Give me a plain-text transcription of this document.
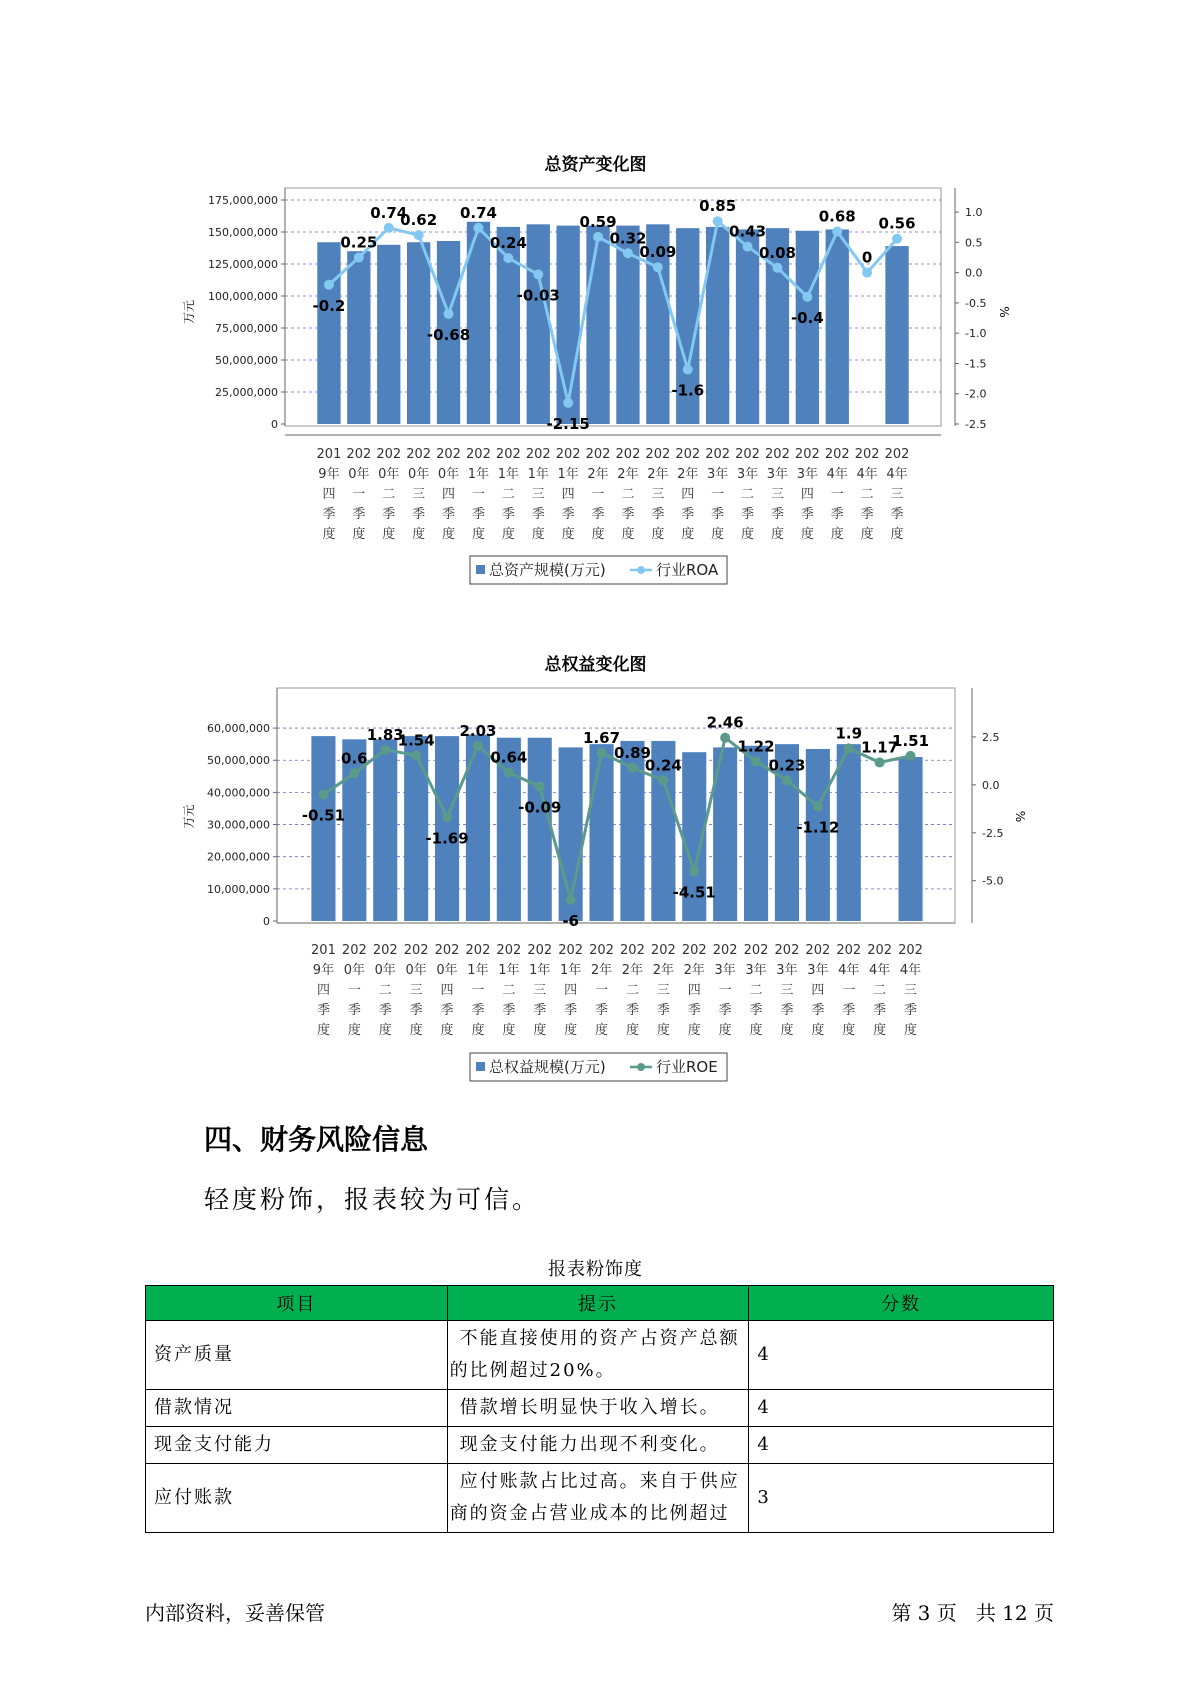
总资产变化图
0
25,000,000
50,000,000
75,000,000
100,000,000
125,000,000
150,000,000
175,000,000
-2.5
-2.0
-1.5
-1.0
-0.5
0.0
0.5
1.0
万元	%
201
9年
四
季
度
202
0年
一
季
度
202
0年
二
季
度
202
0年
三
季
度
202
0年
四
季
度
202
1年
一
季
度
202
1年
二
季
度
202
1年
三
季
度
202
1年
四
季
度
202
2年
一
季
度
202
2年
二
季
度
202
2年
三
季
度
202
2年
四
季
度
202
3年
一
季
度
202
3年
二
季
度
202
3年
三
季
度
202
3年
四
季
度
202
4年
一
季
度
202
4年
二
季
度
202
4年
三
季
度
-0.2
0.25
0.74
0.62
-0.68
0.74
0.24
-0.03
-2.15
0.59
0.32
0.09
-1.6
0.85
0.43
0.08
-0.4
0.68
0
0.56
总资产规模(万元)	行业ROA
总权益变化图
0
10,000,000
20,000,000
30,000,000
40,000,000
50,000,000
60,000,000
-5.0
-2.5
0.0
2.5
万元	%
201
9年
四
季
度
202
0年
一
季
度
202
0年
二
季
度
202
0年
三
季
度
202
0年
四
季
度
202
1年
一
季
度
202
1年
二
季
度
202
1年
三
季
度
202
1年
四
季
度
202
2年
一
季
度
202
2年
二
季
度
202
2年
三
季
度
202
2年
四
季
度
202
3年
一
季
度
202
3年
二
季
度
202
3年
三
季
度
202
3年
四
季
度
202
4年
一
季
度
202
4年
二
季
度
202
4年
三
季
度
-0.51
0.6
1.83
1.54
-1.69
2.03
0.64
-0.09
-6
1.67
0.89
0.24
-4.51
2.46
1.22
0.23
-1.12
1.9
1.17
1.51
总权益规模(万元)	行业ROE
四、财务风险信息
轻度粉饰，报表较为可信。
报表粉饰度
项目	提示	分数
资产质量	不能直接使用的资产占资产总额
的比例超过20%。	4
借款情况	借款增长明显快于收入增长。	4
现金支付能力	现金支付能力出现不利变化。	4
应付账款	应付账款占比过高。来自于供应
商的资金占营业成本的比例超过	3
内部资料，妥善保管	第 3 页   共 12 页
